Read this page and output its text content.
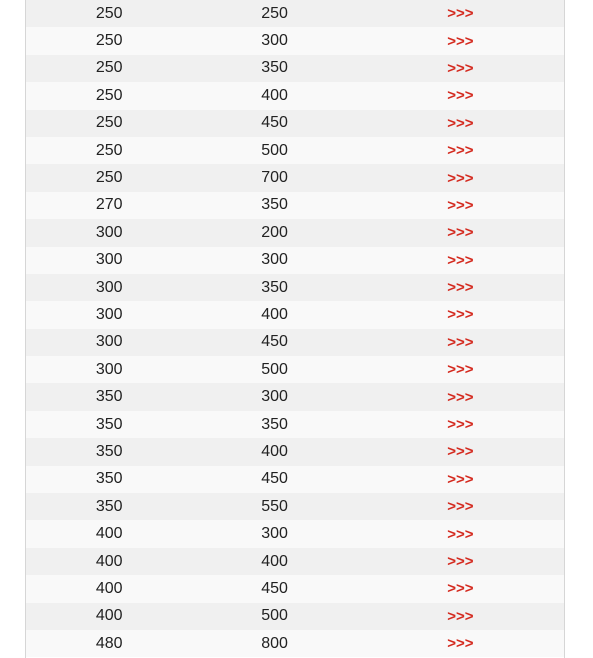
250	250	>>>
250	300	>>>
250	350	>>>
250	400	>>>
250	450	>>>
250	500	>>>
250	700	>>>
270	350	>>>
300	200	>>>
300	300	>>>
300	350	>>>
300	400	>>>
300	450	>>>
300	500	>>>
350	300	>>>
350	350	>>>
350	400	>>>
350	450	>>>
350	550	>>>
400	300	>>>
400	400	>>>
400	450	>>>
400	500	>>>
480	800	>>>
